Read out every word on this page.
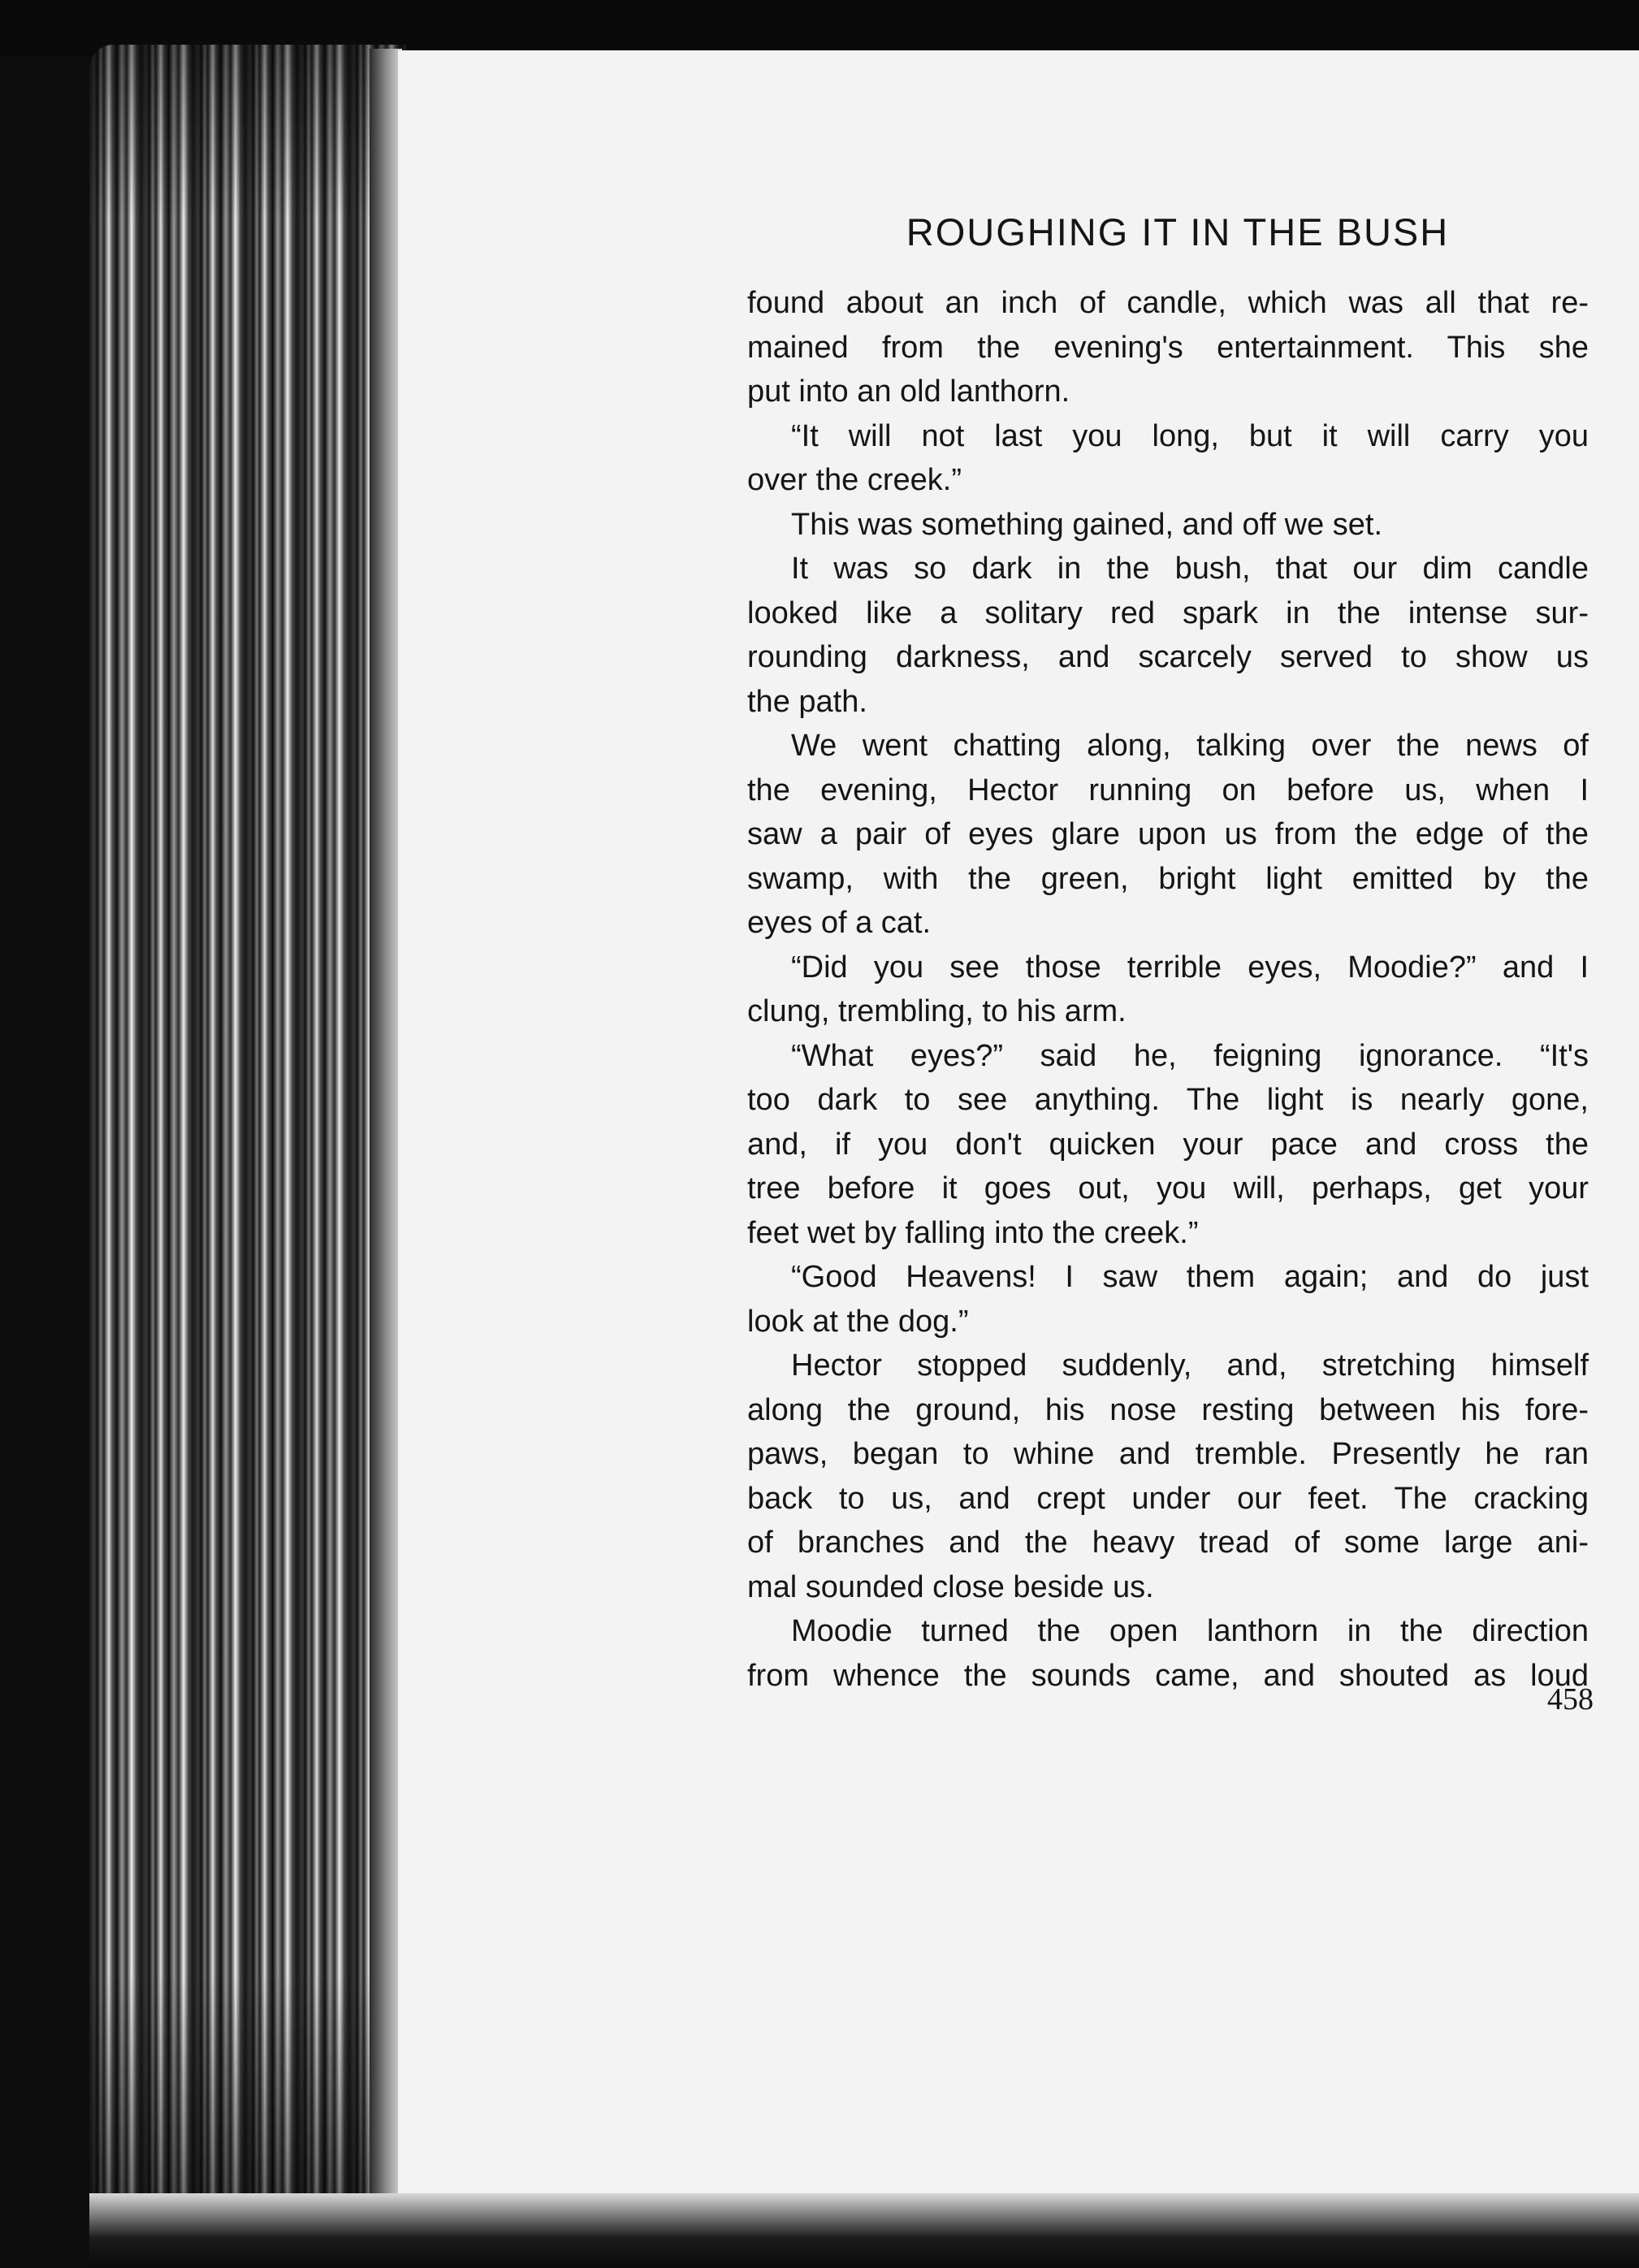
ROUGHING IT IN THE BUSH
found about an inch of candle, which was all that re-
mained from the evening's entertainment. This she
put into an old lanthorn.
“It will not last you long, but it will carry you
over the creek.”
This was something gained, and off we set.
It was so dark in the bush, that our dim candle
looked like a solitary red spark in the intense sur-
rounding darkness, and scarcely served to show us
the path.
We went chatting along, talking over the news of
the evening, Hector running on before us, when I
saw a pair of eyes glare upon us from the edge of the
swamp, with the green, bright light emitted by the
eyes of a cat.
“Did you see those terrible eyes, Moodie?” and I
clung, trembling, to his arm.
“What eyes?” said he, feigning ignorance. “It's
too dark to see anything. The light is nearly gone,
and, if you don't quicken your pace and cross the
tree before it goes out, you will, perhaps, get your
feet wet by falling into the creek.”
“Good Heavens! I saw them again; and do just
look at the dog.”
Hector stopped suddenly, and, stretching himself
along the ground, his nose resting between his fore-
paws, began to whine and tremble. Presently he ran
back to us, and crept under our feet. The cracking
of branches and the heavy tread of some large ani-
mal sounded close beside us.
Moodie turned the open lanthorn in the direction
from whence the sounds came, and shouted as loud
458
